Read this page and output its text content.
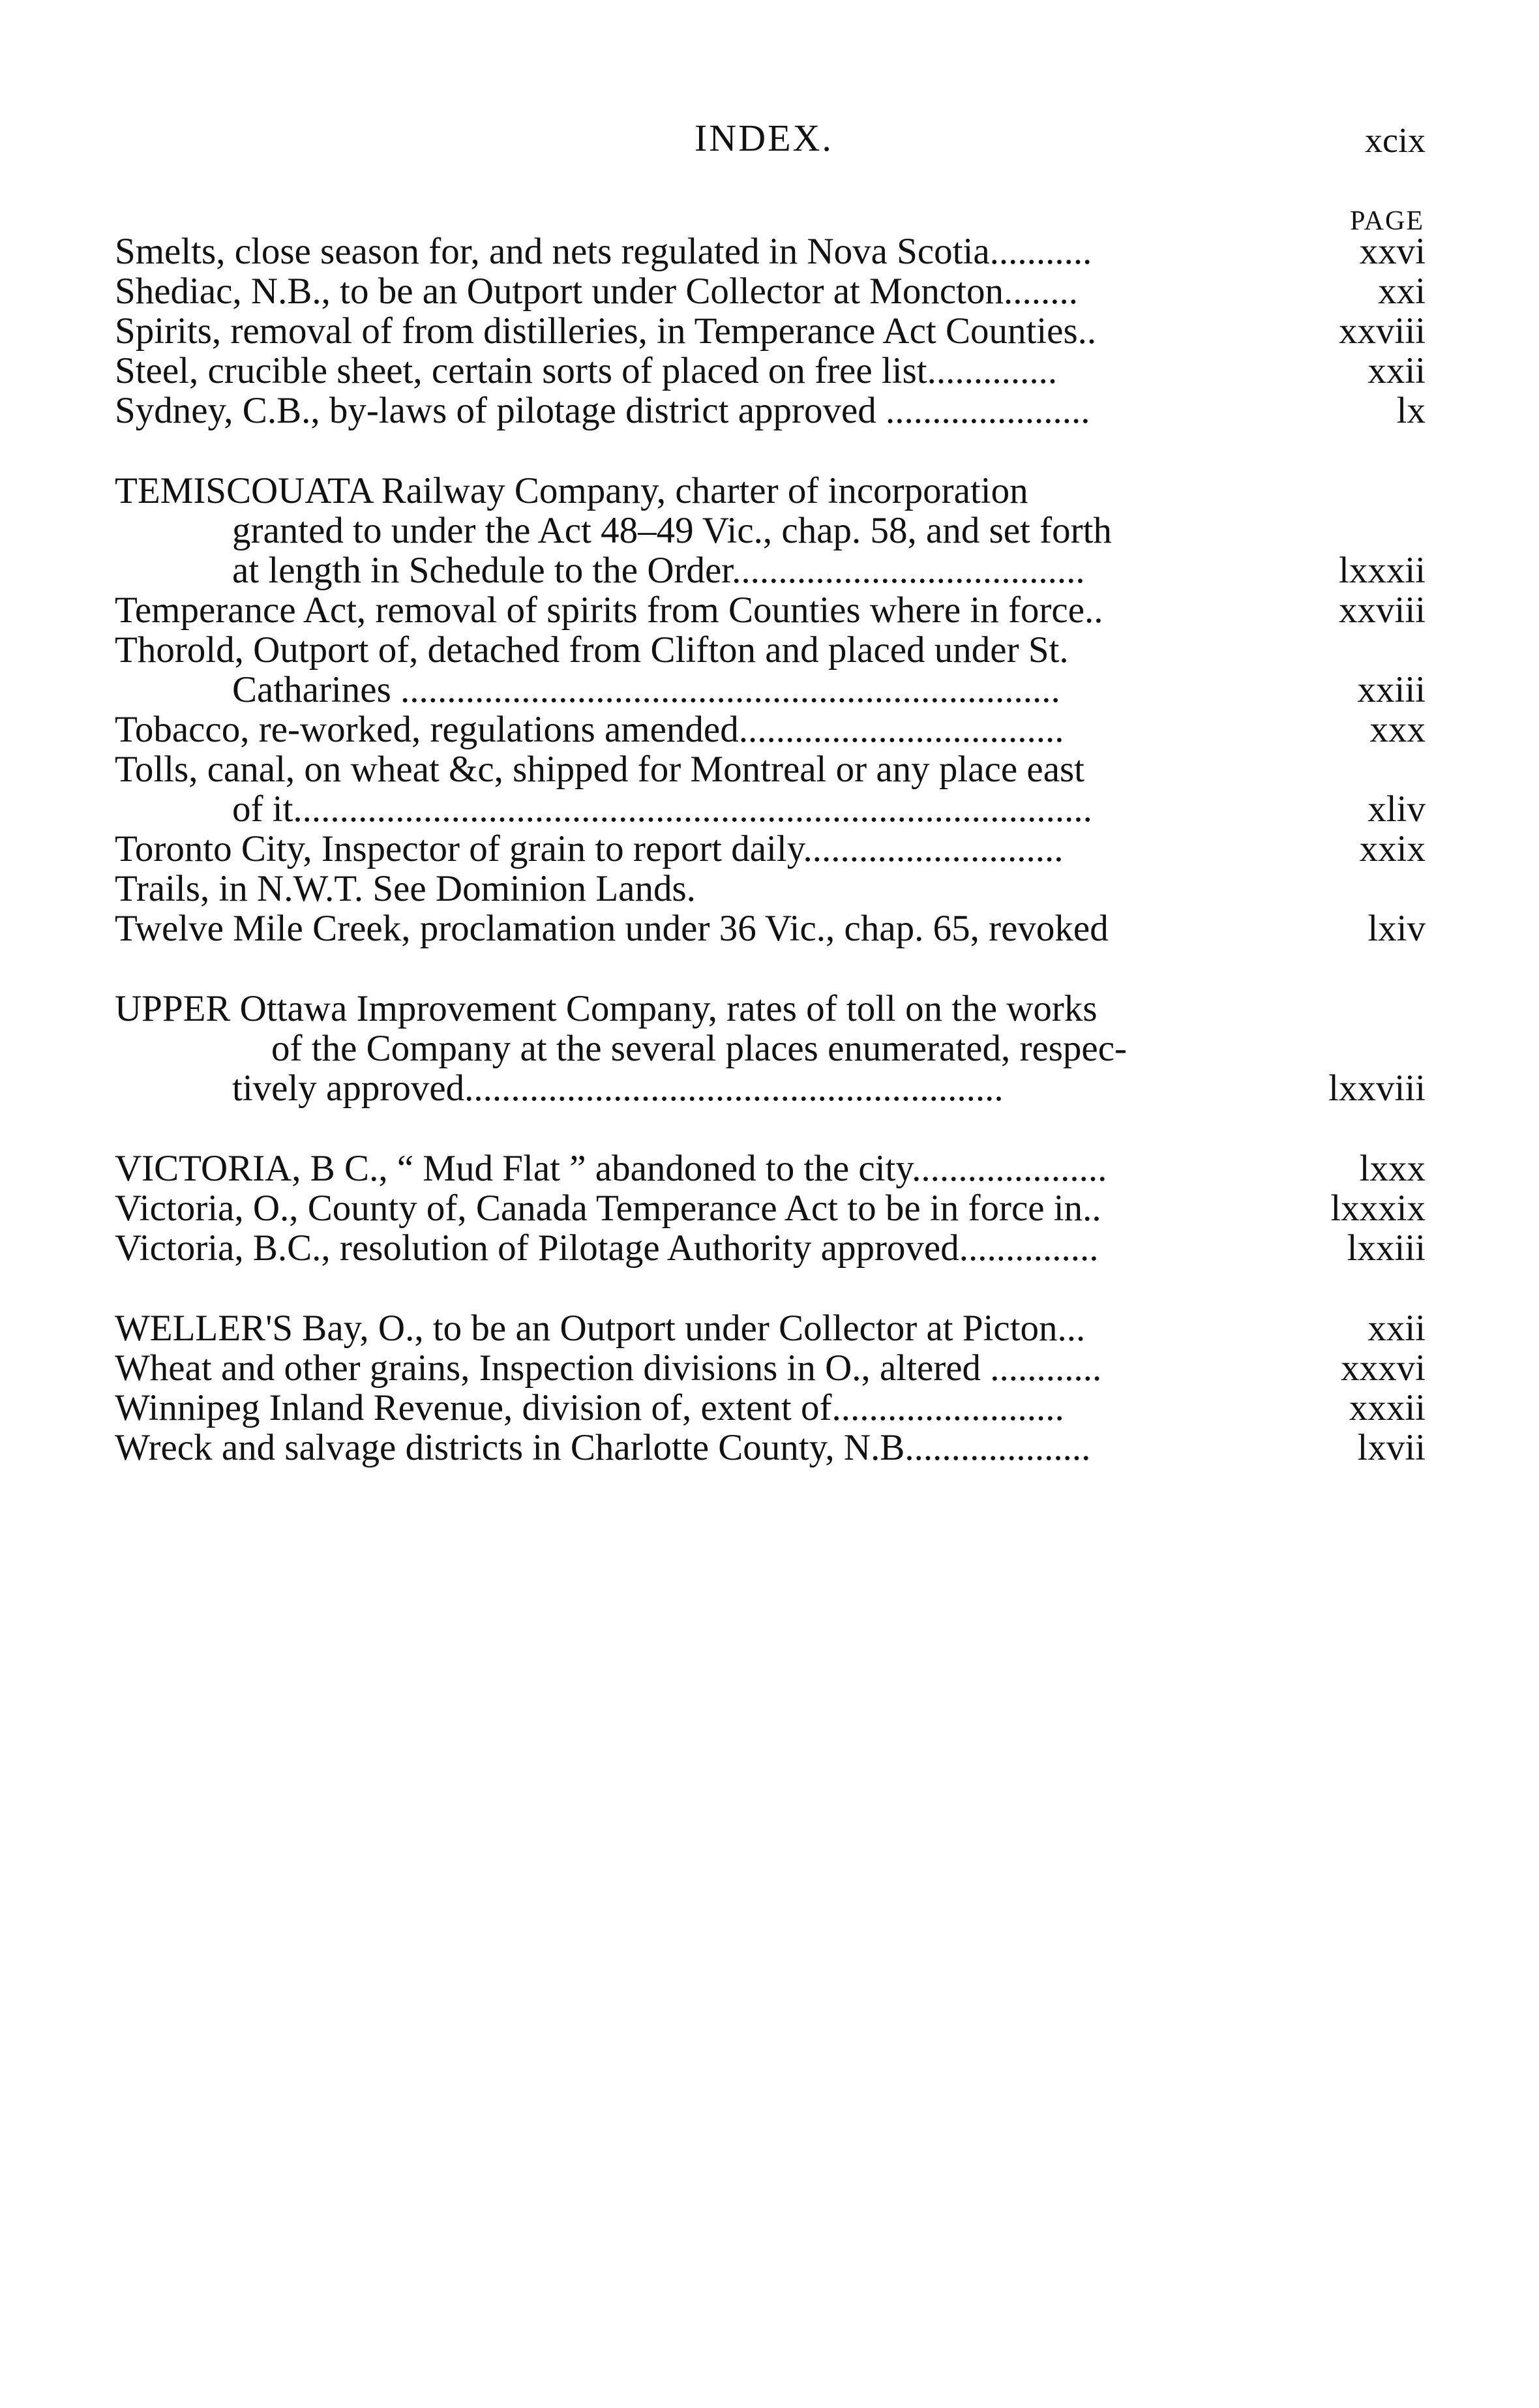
INDEX.	xcix
PAGE
Smelts, close season for, and nets regulated in Nova Scotia...........	xxvi
Shediac, N.B., to be an Outport under Collector at Moncton........	xxi
Spirits, removal of from distilleries, in Temperance Act Counties..	xxviii
Steel, crucible sheet, certain sorts of placed on free list..............	xxii
Sydney, C.B., by-laws of pilotage district approved ......................	lx
TEMISCOUATA Railway Company, charter of incorporation
granted to under the Act 48–49 Vic., chap. 58, and set forth
at length in Schedule to the Order......................................	lxxxii
Temperance Act, removal of spirits from Counties where in force..	xxviii
Thorold, Outport of, detached from Clifton and placed under St.
Catharines .......................................................................	xxiii
Tobacco, re-worked, regulations amended...................................	xxx
Tolls, canal, on wheat &c, shipped for Montreal or any place east
of it......................................................................................	xliv
Toronto City, Inspector of grain to report daily............................	xxix
Trails, in N.W.T. See Dominion Lands.
Twelve Mile Creek, proclamation under 36 Vic., chap. 65, revoked	lxiv
UPPER Ottawa Improvement Company, rates of toll on the works
of the Company at the several places enumerated, respec-
tively approved..........................................................	lxxviii
VICTORIA, B C., “ Mud Flat ” abandoned to the city.....................	lxxx
Victoria, O., County of, Canada Temperance Act to be in force in..	lxxxix
Victoria, B.C., resolution of Pilotage Authority approved...............	lxxiii
WELLER'S Bay, O., to be an Outport under Collector at Picton...	xxii
Wheat and other grains, Inspection divisions in O., altered ............	xxxvi
Winnipeg Inland Revenue, division of, extent of.........................	xxxii
Wreck and salvage districts in Charlotte County, N.B....................	lxvii
